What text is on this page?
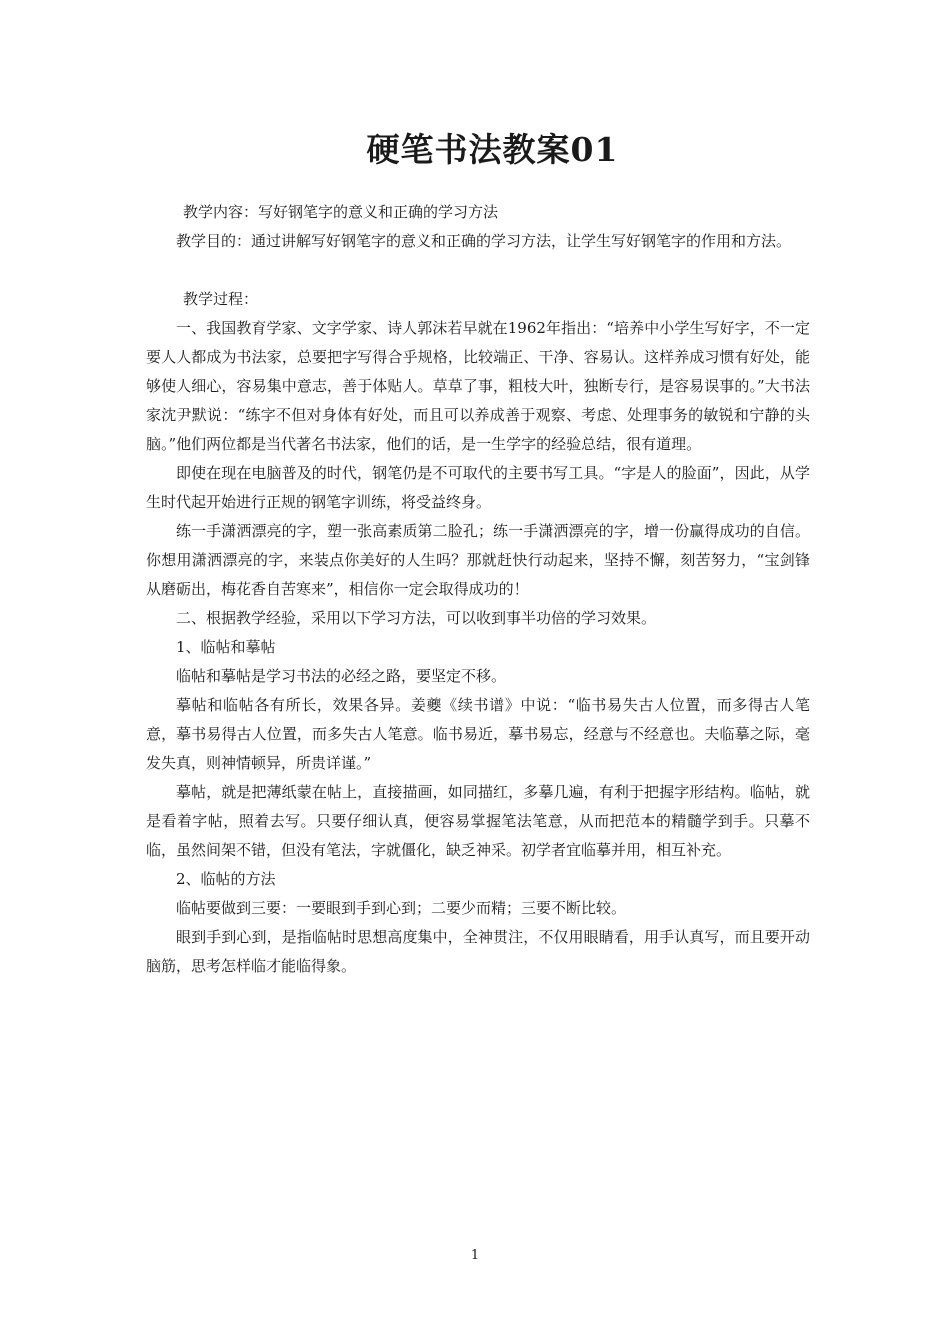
硬笔书法教案01

教学内容：写好钢笔字的意义和正确的学习方法

教学目的：通过讲解写好钢笔字的意义和正确的学习方法，让学生写好钢笔字的作用和方法。

教学过程：

一、我国教育学家、文字学家、诗人郭沫若早就在1962年指出：“培养中小学生写好字，不一定要人人都成为书法家，总要把字写得合乎规格，比较端正、干净、容易认。这样养成习惯有好处，能够使人细心，容易集中意志，善于体贴人。草草了事，粗枝大叶，独断专行，是容易误事的。”大书法家沈尹默说：“练字不但对身体有好处，而且可以养成善于观察、考虑、处理事务的敏锐和宁静的头脑。”他们两位都是当代著名书法家，他们的话，是一生学字的经验总结，很有道理。

即使在现在电脑普及的时代，钢笔仍是不可取代的主要书写工具。“字是人的脸面”，因此，从学生时代起开始进行正规的钢笔字训练，将受益终身。

练一手潇洒漂亮的字，塑一张高素质第二脸孔；练一手潇洒漂亮的字，增一份赢得成功的自信。你想用潇洒漂亮的字，来装点你美好的人生吗？那就赶快行动起来，坚持不懈，刻苦努力，“宝剑锋从磨砺出，梅花香自苦寒来”，相信你一定会取得成功的！

二、根据教学经验，采用以下学习方法，可以收到事半功倍的学习效果。

1、临帖和摹帖

临帖和摹帖是学习书法的必经之路，要坚定不移。

摹帖和临帖各有所长，效果各异。姜夔《续书谱》中说：“临书易失古人位置，而多得古人笔意，摹书易得古人位置，而多失古人笔意。临书易近，摹书易忘，经意与不经意也。夫临摹之际，毫发失真，则神情顿异，所贵详谨。”

摹帖，就是把薄纸蒙在帖上，直接描画，如同描红，多摹几遍，有利于把握字形结构。临帖，就是看着字帖，照着去写。只要仔细认真，便容易掌握笔法笔意，从而把范本的精髓学到手。只摹不临，虽然间架不错，但没有笔法，字就僵化，缺乏神采。初学者宜临摹并用，相互补充。

2、临帖的方法

临帖要做到三要：一要眼到手到心到；二要少而精；三要不断比较。

眼到手到心到，是指临帖时思想高度集中，全神贯注，不仅用眼睛看，用手认真写，而且要开动脑筋，思考怎样临才能临得象。

1
